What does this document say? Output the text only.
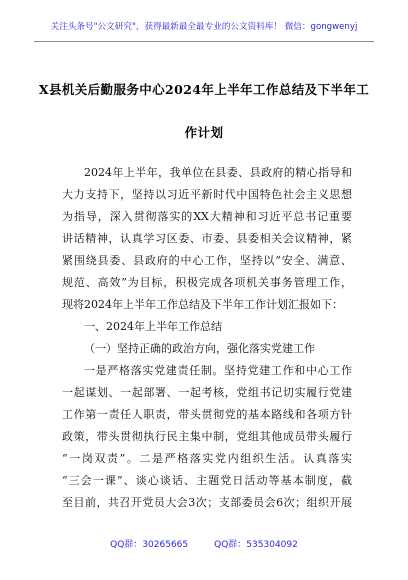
关注头条号"公文研究"，获得最新最全最专业的公文资料库！ 微信：gongwenyj
X县机关后勤服务中心2024年上半年工作总结及下半年工
作计划
2024年上半年，我单位在县委、县政府的精心指导和
大力支持下，坚持以习近平新时代中国特色社会主义思想
为指导，深入贯彻落实的XX大精神和习近平总书记重要
讲话精神，认真学习区委、市委、县委相关会议精神，紧
紧围绕县委、县政府的中心工作，坚持以“安全、满意、
规范、高效”为目标，积极完成各项机关事务管理工作，
现将2024年上半年工作总结及下半年工作计划汇报如下：
一、2024年上半年工作总结
（一）坚持正确的政治方向，强化落实党建工作
一是严格落实党建责任制。坚持党建工作和中心工作
一起谋划、一起部署、一起考核，党组书记切实履行党建
工作第一责任人职责，带头贯彻党的基本路线和各项方针
政策，带头贯彻执行民主集中制，党组其他成员带头履行
“一岗双责”。二是严格落实党内组织生活。认真落实
“三会一课”、谈心谈话、主题党日活动等基本制度，截
至目前，共召开党员大会3次；支部委员会6次；组织开展
QQ群：30265665	QQ群：535304092
